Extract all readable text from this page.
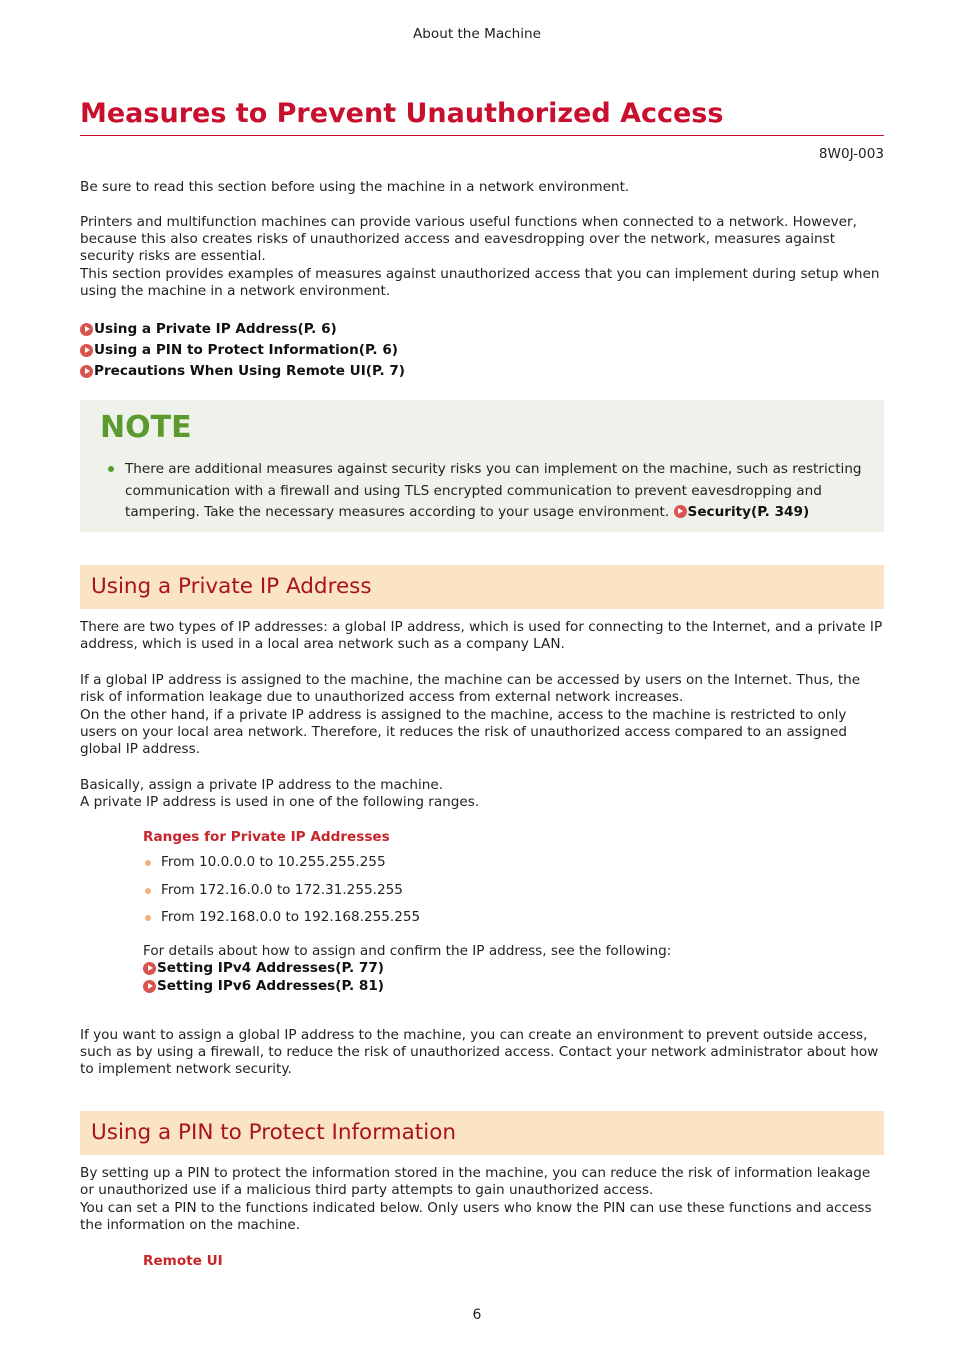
About the Machine
Measures to Prevent Unauthorized Access
8W0J-003

Be sure to read this section before using the machine in a network environment.

Printers and multifunction machines can provide various useful functions when connected to a network. However, because this also creates risks of unauthorized access and eavesdropping over the network, measures against security risks are essential.

This section provides examples of measures against unauthorized access that you can implement during setup when using the machine in a network environment.

Using a Private IP Address(P. 6)
Using a PIN to Protect Information(P. 6)
Precautions When Using Remote UI(P. 7)
NOTE

There are additional measures against security risks you can implement on the machine, such as restricting communication with a firewall and using TLS encrypted communication to prevent eavesdropping and tampering. Take the necessary measures according to your usage environment. Security(P. 349)

Using a Private IP Address

There are two types of IP addresses: a global IP address, which is used for connecting to the Internet, and a private IP address, which is used in a local area network such as a company LAN.

If a global IP address is assigned to the machine, the machine can be accessed by users on the Internet. Thus, the risk of information leakage due to unauthorized access from external network increases.

On the other hand, if a private IP address is assigned to the machine, access to the machine is restricted to only users on your local area network. Therefore, it reduces the risk of unauthorized access compared to an assigned global IP address.

Basically, assign a private IP address to the machine.

A private IP address is used in one of the following ranges.

Ranges for Private IP Addresses
From 10.0.0.0 to 10.255.255.255
From 172.16.0.0 to 172.31.255.255
From 192.168.0.0 to 192.168.255.255

For details about how to assign and confirm the IP address, see the following:

Setting IPv4 Addresses(P. 77)
Setting IPv6 Addresses(P. 81)

If you want to assign a global IP address to the machine, you can create an environment to prevent outside access, such as by using a firewall, to reduce the risk of unauthorized access. Contact your network administrator about how to implement network security.

Using a PIN to Protect Information

By setting up a PIN to protect the information stored in the machine, you can reduce the risk of information leakage or unauthorized use if a malicious third party attempts to gain unauthorized access.

You can set a PIN to the functions indicated below. Only users who know the PIN can use these functions and access the information on the machine.

Remote UI
6
